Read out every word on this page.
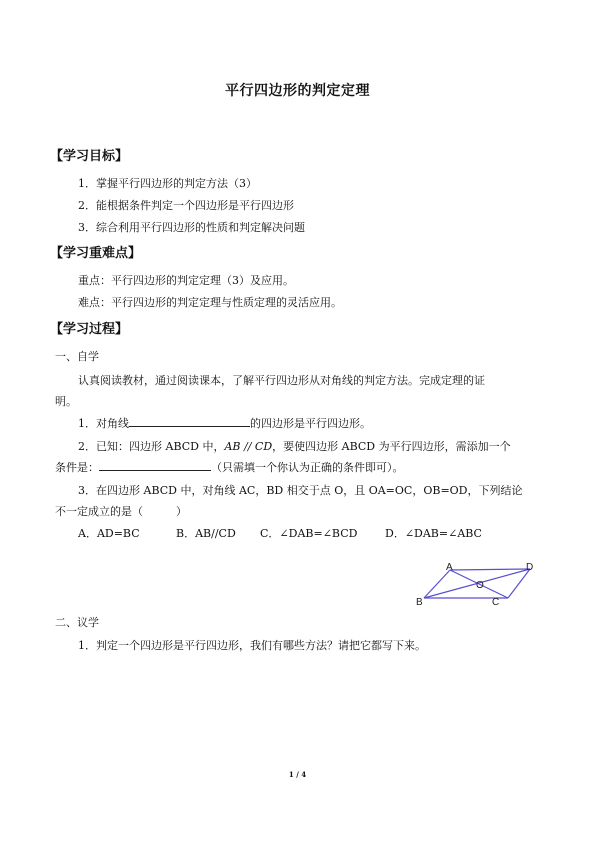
平行四边形的判定定理
【学习目标】
1．掌握平行四边形的判定方法（3）
2．能根据条件判定一个四边形是平行四边形
3．综合利用平行四边形的性质和判定解决问题
【学习重难点】
重点：平行四边形的判定定理（3）及应用。
难点：平行四边形的判定定理与性质定理的灵活应用。
【学习过程】
一、自学
认真阅读教材，通过阅读课本，了解平行四边形从对角线的判定方法。完成定理的证
明。
1．对角线	的四边形是平行四边形。
2．已知：四边形 ABCD 中，AB // CD，要使四边形 ABCD 为平行四边形，需添加一个
条件是：	（只需填一个你认为正确的条件即可）。
3．在四边形 ABCD 中，对角线 AC，BD 相交于点 O，且 OA=OC，OB=OD，下列结论
不一定成立的是（　　　）
A．AD=BC	B．AB//CD C．∠DAB=∠BCD	D．∠DAB=∠ABC
A
B	C
D
O
二、议学
1．判定一个四边形是平行四边形，我们有哪些方法？请把它都写下来。
1 / 4
